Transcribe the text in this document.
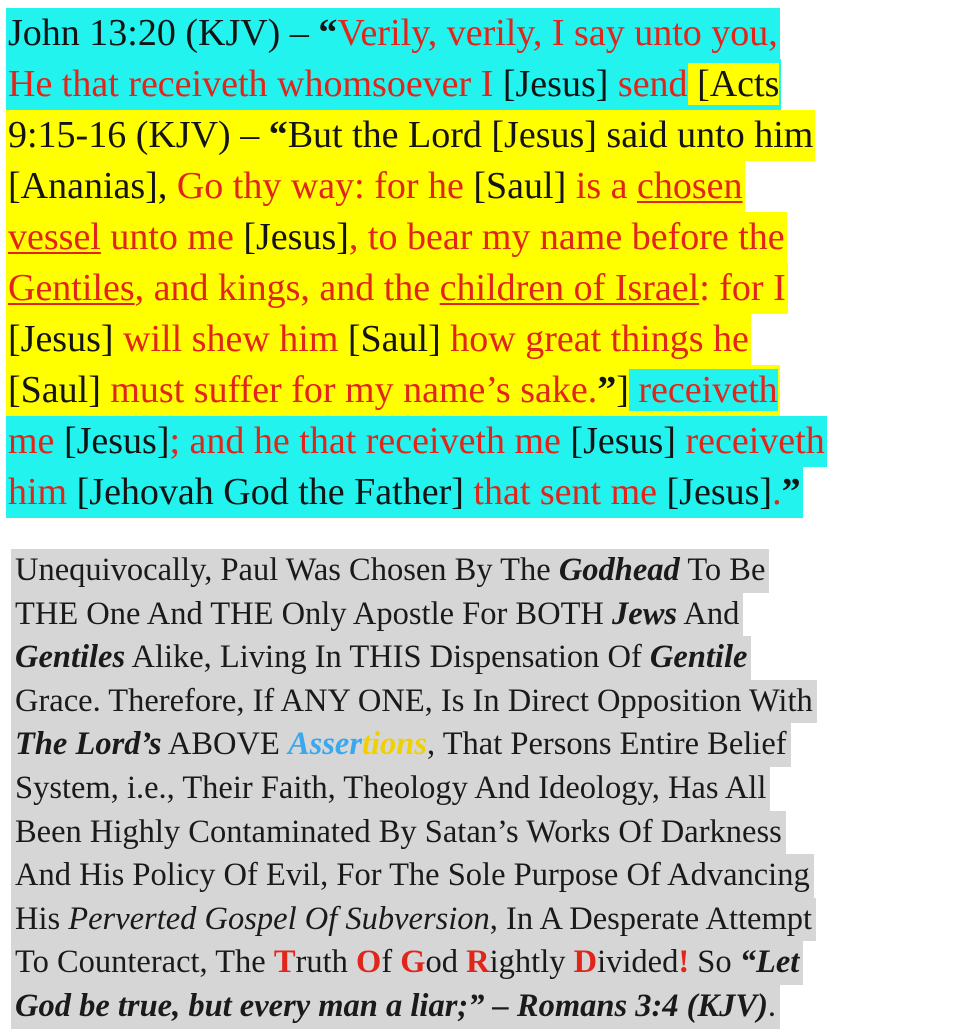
John 13:20 (KJV) – “Verily, verily, I say unto you,
He that receiveth whomsoever I [Jesus] send [Acts
9:15-16 (KJV) – “But the Lord [Jesus] said unto him
[Ananias], Go thy way: for he [Saul] is a chosen
vessel unto me [Jesus], to bear my name before the
Gentiles, and kings, and the children of Israel: for I
[Jesus] will shew him [Saul] how great things he
[Saul] must suffer for my name’s sake.”] receiveth
me [Jesus]; and he that receiveth me [Jesus] receiveth
him [Jehovah God the Father] that sent me [Jesus].”
Unequivocally, Paul Was Chosen By The Godhead To Be
THE One And THE Only Apostle For BOTH Jews And
Gentiles Alike, Living In THIS Dispensation Of Gentile
Grace. Therefore, If ANY ONE, Is In Direct Opposition With
The Lord’s ABOVE Assertions, That Persons Entire Belief
System, i.e., Their Faith, Theology And Ideology, Has All
Been Highly Contaminated By Satan’s Works Of Darkness
And His Policy Of Evil, For The Sole Purpose Of Advancing
His Perverted Gospel Of Subversion, In A Desperate Attempt
To Counteract, The Truth Of God Rightly Divided! So “Let
God be true, but every man a liar;” – Romans 3:4 (KJV).
